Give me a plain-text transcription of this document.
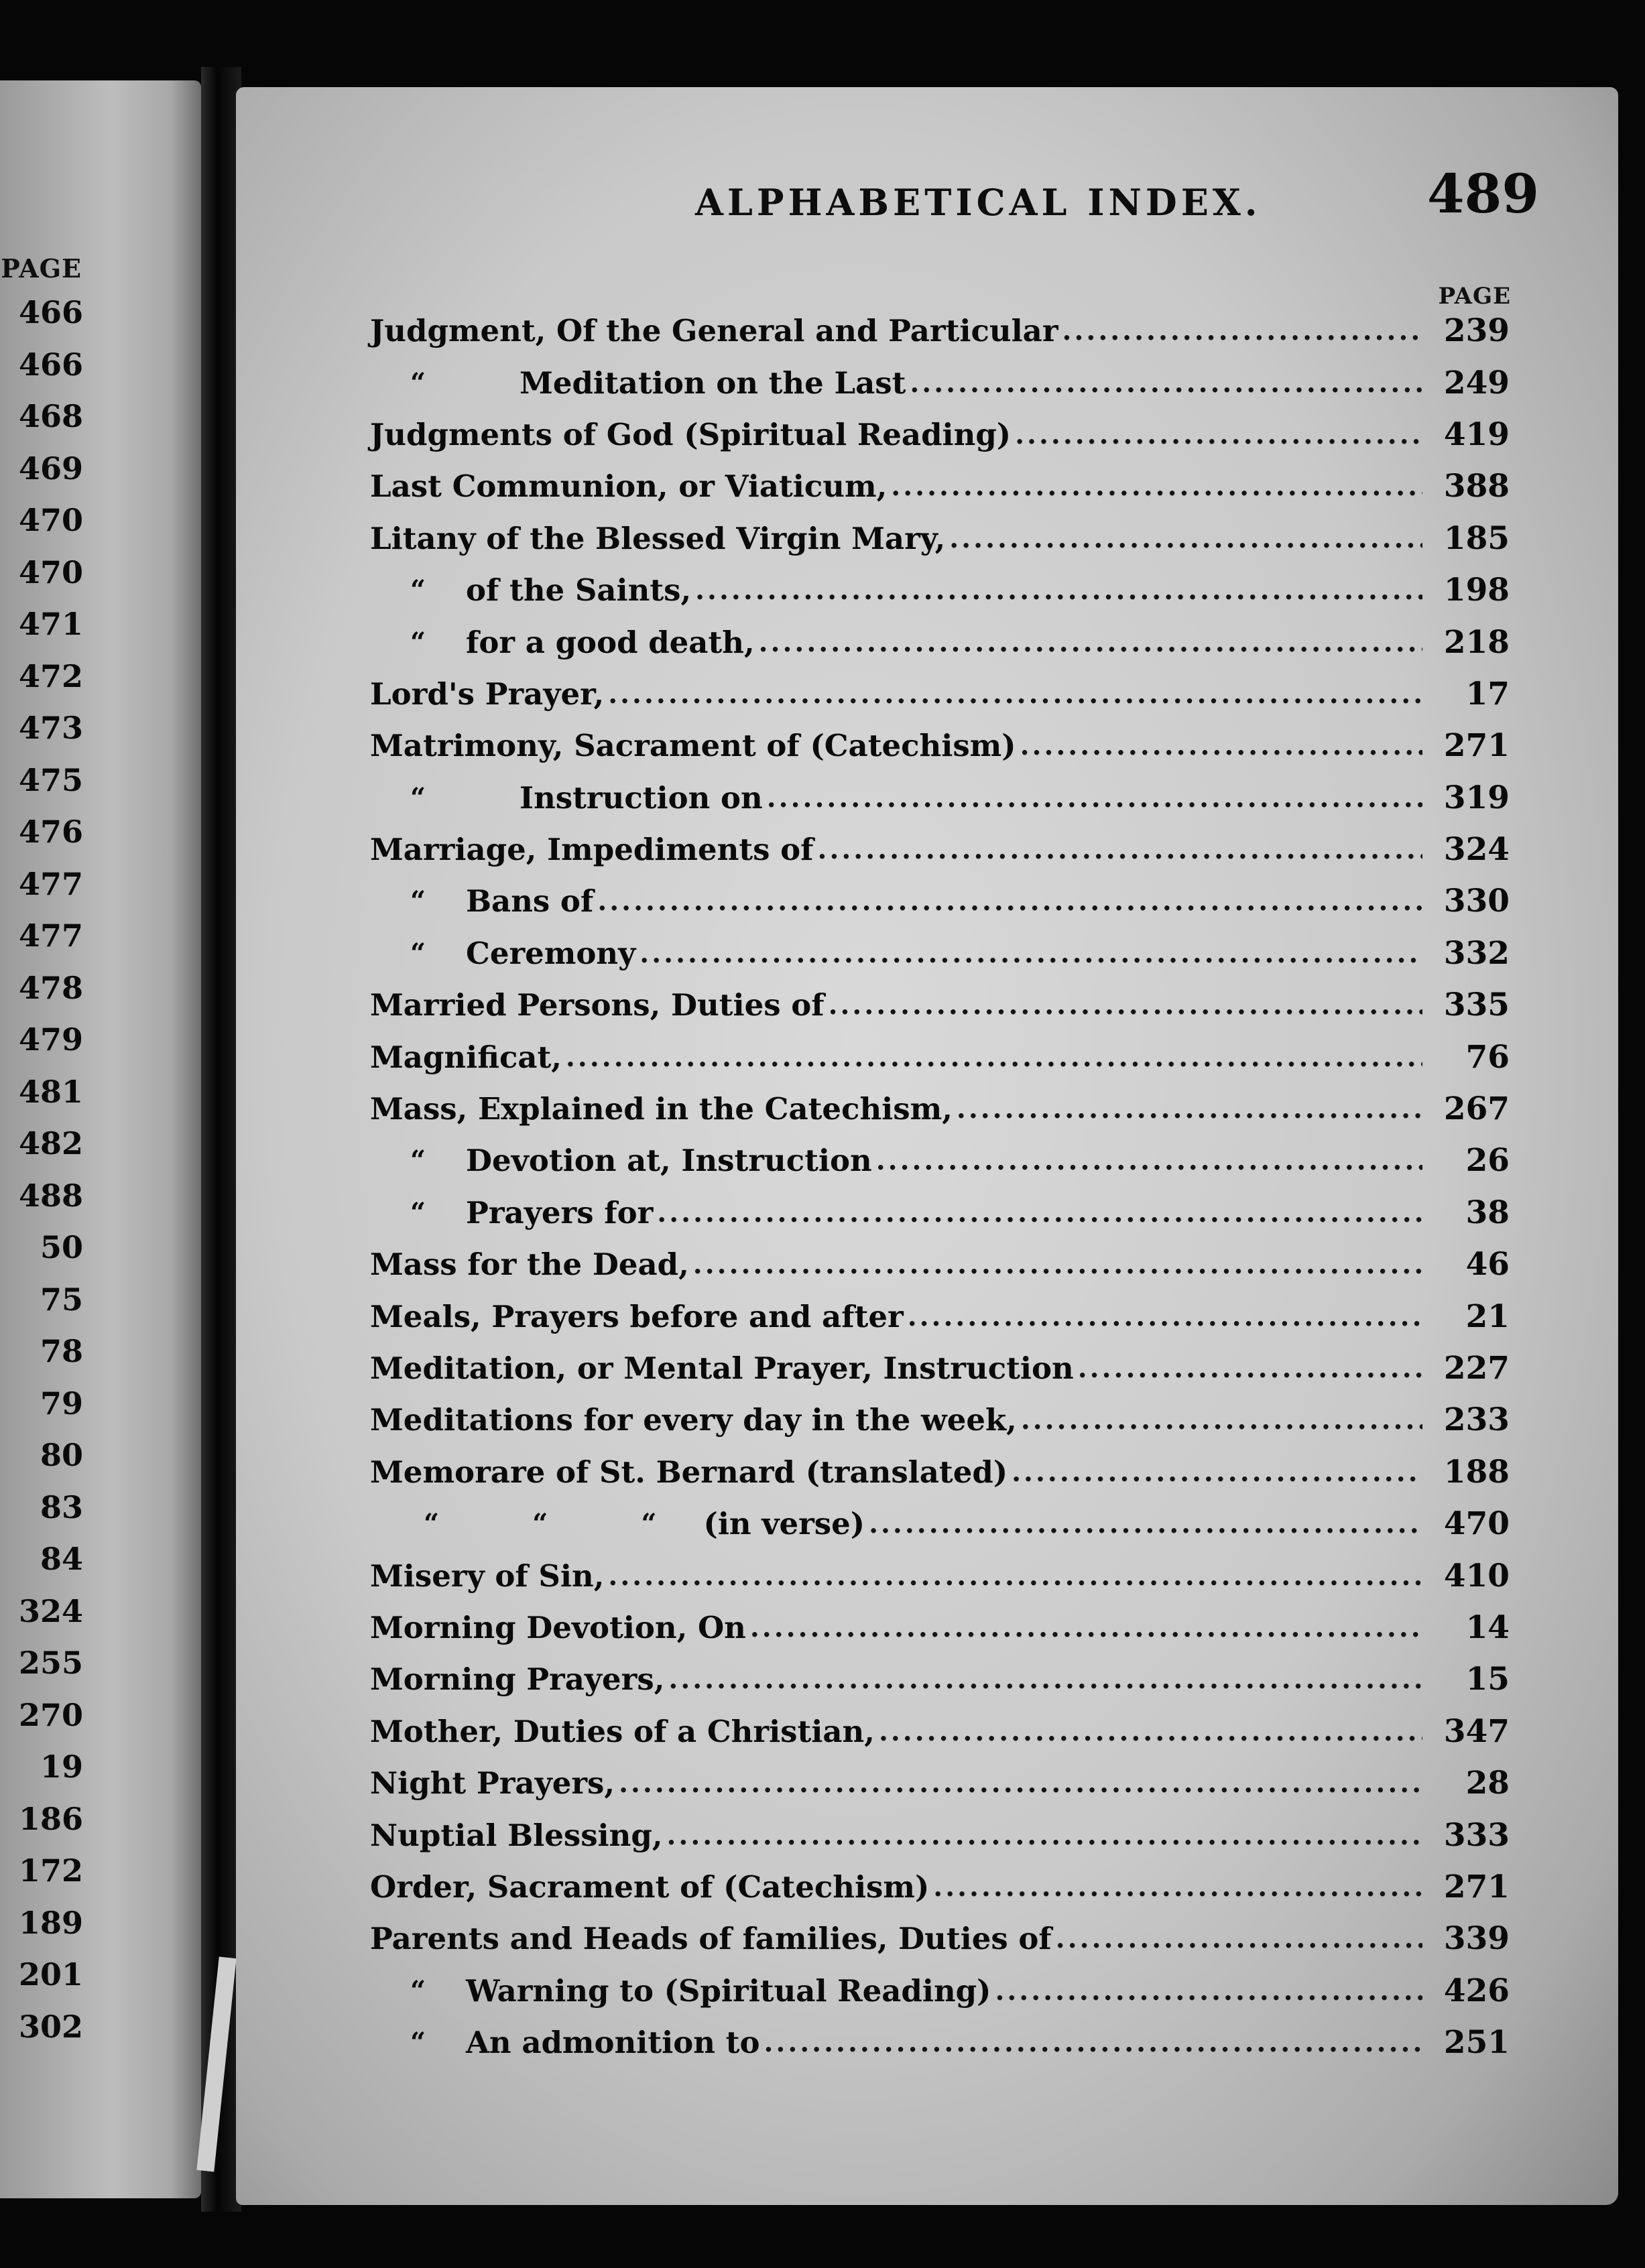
PAGE
466
466
468
469
470
470
471
472
473
475
476
477
477
478
479
481
482
488
50
75
78
79
80
83
84
324
255
270
19
186
172
189
201
302
ALPHABETICAL INDEX.	489
PAGE
Judgment, Of the General and Particular .....	239
“	Meditation on the Last .....	249
Judgments of God (Spiritual Reading) .....	419
Last Communion, or Viaticum, .....	388
Litany of the Blessed Virgin Mary, .....	185
“ of the Saints, .....	198
“ for a good death, .....	218
Lord's Prayer, .....	17
Matrimony, Sacrament of (Catechism) .....	271
“	Instruction on .....	319
Marriage, Impediments of .....	324
“ Bans of .....	330
“ Ceremony .....	332
Married Persons, Duties of .....	335
Magnificat, .....	76
Mass, Explained in the Catechism, .....	267
“ Devotion at, Instruction .....	26
“ Prayers for .....	38
Mass for the Dead, .....	46
Meals, Prayers before and after .....	21
Meditation, or Mental Prayer, Instruction .....	227
Meditations for every day in the week, .....	233
Memorare of St. Bernard (translated) .....	188
“          “          “ (in verse) .....	470
Misery of Sin, .....	410
Morning Devotion, On .....	14
Morning Prayers, .....	15
Mother, Duties of a Christian, .....	347
Night Prayers, .....	28
Nuptial Blessing, .....	333
Order, Sacrament of (Catechism) .....	271
Parents and Heads of families, Duties of .....	339
“ Warning to (Spiritual Reading) .....	426
“ An admonition to .....	251
